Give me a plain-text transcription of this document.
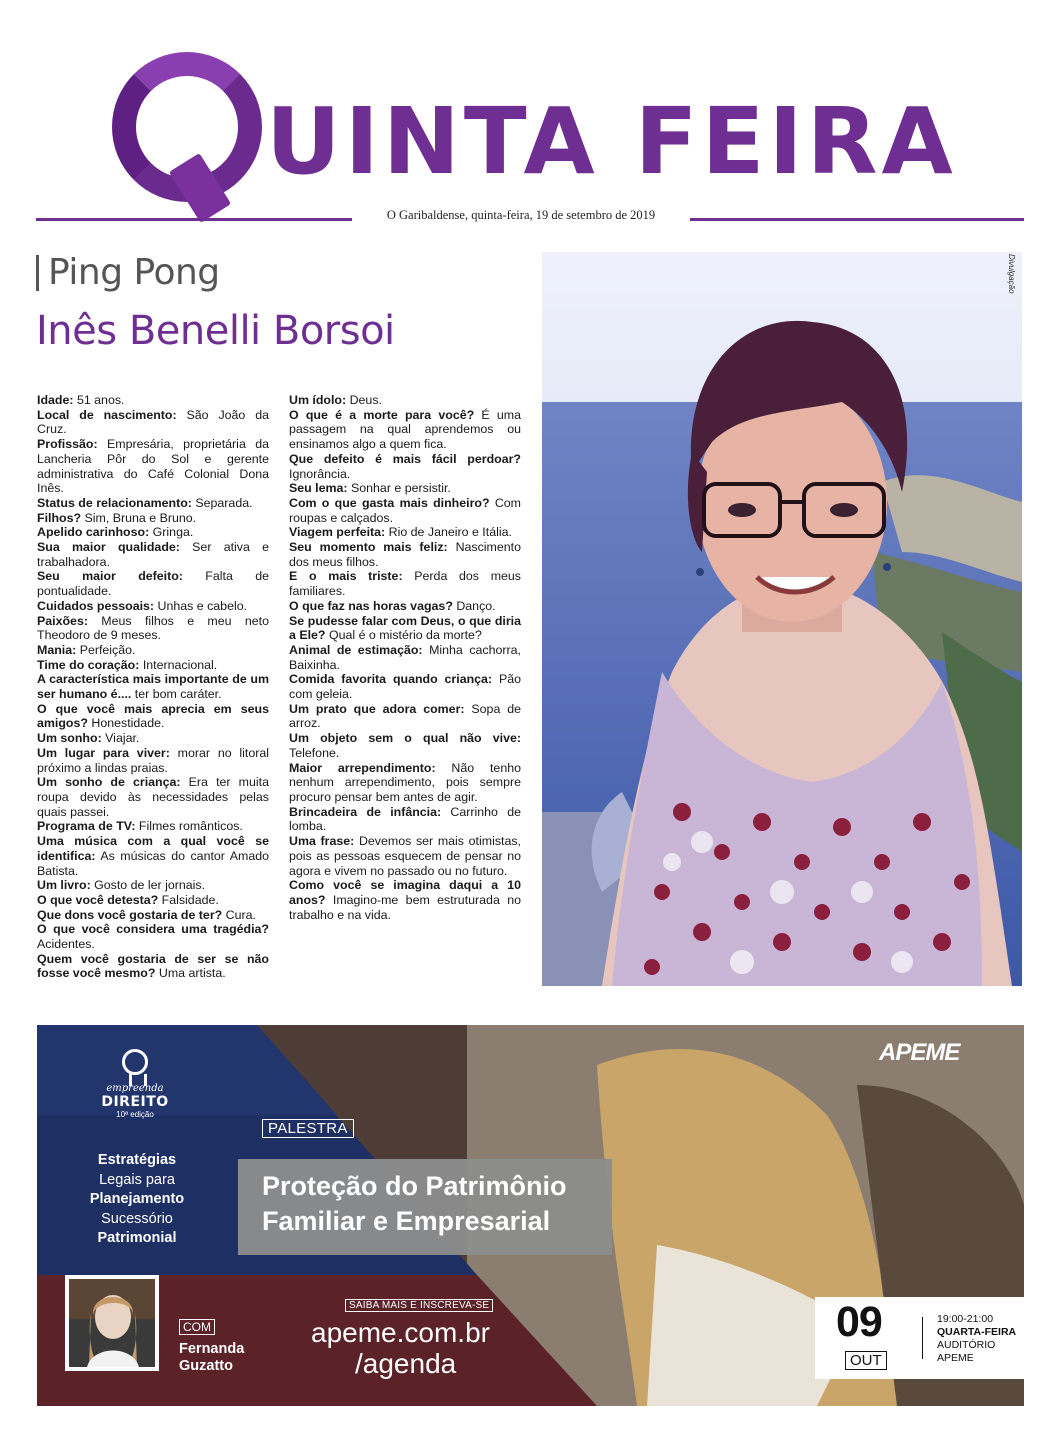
UINTA FEIRA
O Garibaldense, quinta-feira, 19 de setembro de 2019
Ping Pong
Inês Benelli Borsoi
Idade: 51 anos.
Local de nascimento: São João da Cruz.
Profissão: Empresária, proprietária da Lancheria Pôr do Sol e gerente administrativa do Café Colonial Dona Inês.
Status de relacionamento: Separada.
Filhos? Sim, Bruna e Bruno.
Apelido carinhoso: Gringa.
Sua maior qualidade: Ser ativa e trabalhadora.
Seu maior defeito: Falta de pontualidade.
Cuidados pessoais: Unhas e cabelo.
Paixões: Meus filhos e meu neto Theodoro de 9 meses.
Mania: Perfeição.
Time do coração: Internacional.
A característica mais importante de um ser humano é.... ter bom caráter.
O que você mais aprecia em seus amigos? Honestidade.
Um sonho: Viajar.
Um lugar para viver: morar no litoral próximo a lindas praias.
Um sonho de criança: Era ter muita roupa devido às necessidades pelas quais passei.
Programa de TV: Filmes românticos.
Uma música com a qual você se identifica: As músicas do cantor Amado Batista.
Um livro: Gosto de ler jornais.
O que você detesta? Falsidade.
Que dons você gostaria de ter? Cura.
O que você considera uma tragédia? Acidentes.
Quem você gostaria de ser se não fosse você mesmo? Uma artista.
Um ídolo: Deus.
O que é a morte para você? É uma passagem na qual aprendemos ou ensinamos algo a quem fica.
Que defeito é mais fácil perdoar? Ignorância.
Seu lema: Sonhar e persistir.
Com o que gasta mais dinheiro? Com roupas e calçados.
Viagem perfeita: Rio de Janeiro e Itália.
Seu momento mais feliz: Nascimento dos meus filhos.
E o mais triste: Perda dos meus familiares.
O que faz nas horas vagas? Danço.
Se pudesse falar com Deus, o que diria a Ele? Qual é o mistério da morte?
Animal de estimação: Minha cachorra, Baixinha.
Comida favorita quando criança: Pão com geleia.
Um prato que adora comer: Sopa de arroz.
Um objeto sem o qual não vive: Telefone.
Maior arrependimento: Não tenho nenhum arrependimento, pois sempre procuro pensar bem antes de agir.
Brincadeira de infância: Carrinho de lomba.
Uma frase: Devemos ser mais otimistas, pois as pessoas esquecem de pensar no agora e vivem no passado ou no futuro.
Como você se imagina daqui a 10 anos? Imagino-me bem estruturada no trabalho e na vida.
Divulgação
empreenda
DIREITO
10ª edição
Estratégias
Legais para
Planejamento
Sucessório
Patrimonial
COM
Fernanda
Guzatto
PALESTRA
Proteção do Patrimônio
Familiar e Empresarial
SAIBA MAIS E INSCREVA-SE
apeme.com.br
/agenda
APEME
09
OUT
19:00-21:00
QUARTA-FEIRA
AUDITÓRIO
APEME
